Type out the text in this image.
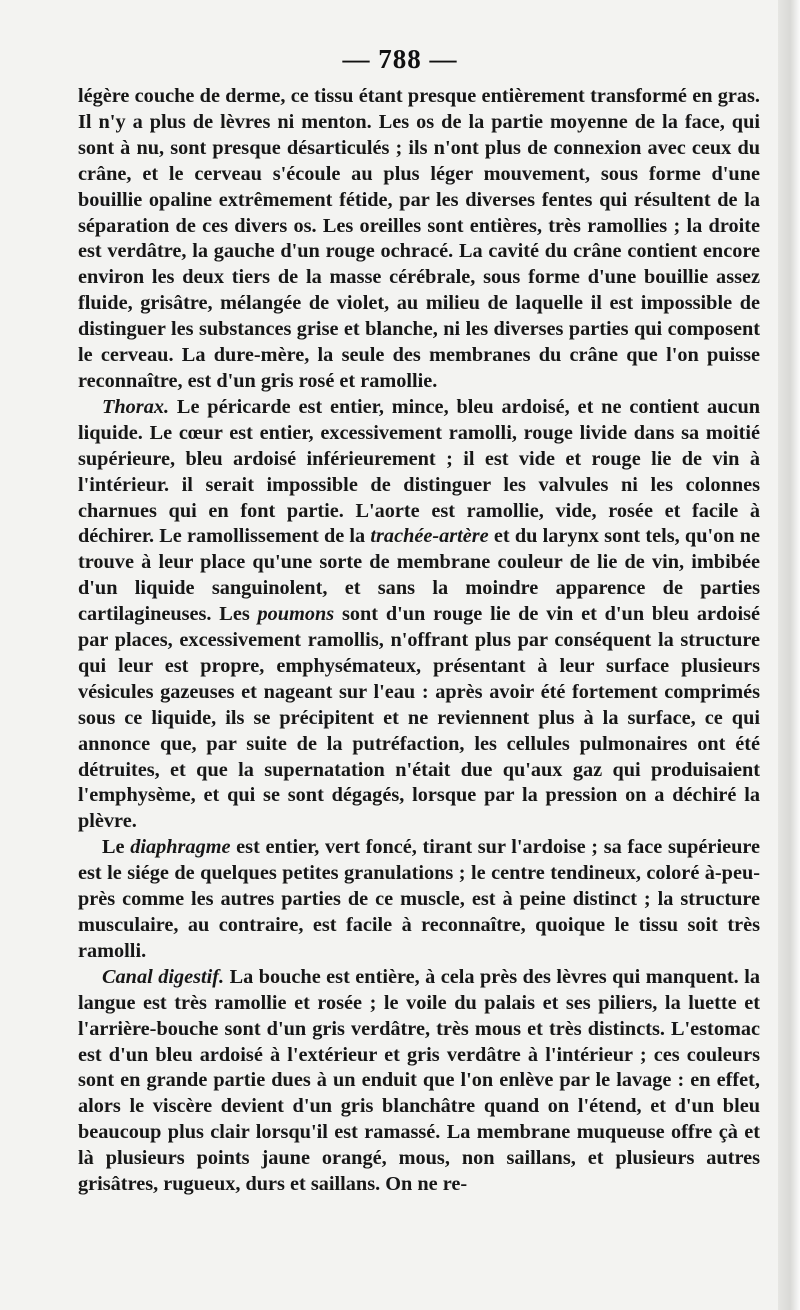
— 788 —

légère couche de derme, ce tissu étant presque entièrement transformé en gras. Il n'y a plus de lèvres ni menton. Les os de la partie moyenne de la face, qui sont à nu, sont presque désarticulés ; ils n'ont plus de connexion avec ceux du crâne, et le cerveau s'écoule au plus léger mouvement, sous forme d'une bouillie opaline extrêmement fétide, par les diverses fentes qui résultent de la séparation de ces divers os. Les oreilles sont entières, très ramollies ; la droite est verdâtre, la gauche d'un rouge ochracé. La cavité du crâne contient encore environ les deux tiers de la masse cérébrale, sous forme d'une bouillie assez fluide, grisâtre, mélangée de violet, au milieu de laquelle il est impossible de distinguer les substances grise et blanche, ni les diverses parties qui composent le cerveau. La dure-mère, la seule des membranes du crâne que l'on puisse reconnaître, est d'un gris rosé et ramollie.

Thorax. Le péricarde est entier, mince, bleu ardoisé, et ne contient aucun liquide. Le cœur est entier, excessivement ramolli, rouge livide dans sa moitié supérieure, bleu ardoisé inférieurement ; il est vide et rouge lie de vin à l'intérieur. il serait impossible de distinguer les valvules ni les colonnes charnues qui en font partie. L'aorte est ramollie, vide, rosée et facile à déchirer. Le ramollissement de la trachée-artère et du larynx sont tels, qu'on ne trouve à leur place qu'une sorte de membrane couleur de lie de vin, imbibée d'un liquide sanguinolent, et sans la moindre apparence de parties cartilagineuses. Les poumons sont d'un rouge lie de vin et d'un bleu ardoisé par places, excessivement ramollis, n'offrant plus par conséquent la structure qui leur est propre, emphysémateux, présentant à leur surface plusieurs vésicules gazeuses et nageant sur l'eau : après avoir été fortement comprimés sous ce liquide, ils se précipitent et ne reviennent plus à la surface, ce qui annonce que, par suite de la putréfaction, les cellules pulmonaires ont été détruites, et que la supernatation n'était due qu'aux gaz qui produisaient l'emphysème, et qui se sont dégagés, lorsque par la pression on a déchiré la plèvre.

Le diaphragme est entier, vert foncé, tirant sur l'ardoise ; sa face supérieure est le siége de quelques petites granulations ; le centre tendineux, coloré à-peu-près comme les autres parties de ce muscle, est à peine distinct ; la structure musculaire, au contraire, est facile à reconnaître, quoique le tissu soit très ramolli.

Canal digestif. La bouche est entière, à cela près des lèvres qui manquent. la langue est très ramollie et rosée ; le voile du palais et ses piliers, la luette et l'arrière-bouche sont d'un gris verdâtre, très mous et très distincts. L'estomac est d'un bleu ardoisé à l'extérieur et gris verdâtre à l'intérieur ; ces couleurs sont en grande partie dues à un enduit que l'on enlève par le lavage : en effet, alors le viscère devient d'un gris blanchâtre quand on l'étend, et d'un bleu beaucoup plus clair lorsqu'il est ramassé. La membrane muqueuse offre çà et là plusieurs points jaune orangé, mous, non saillans, et plusieurs autres grisâtres, rugueux, durs et saillans. On ne re-
